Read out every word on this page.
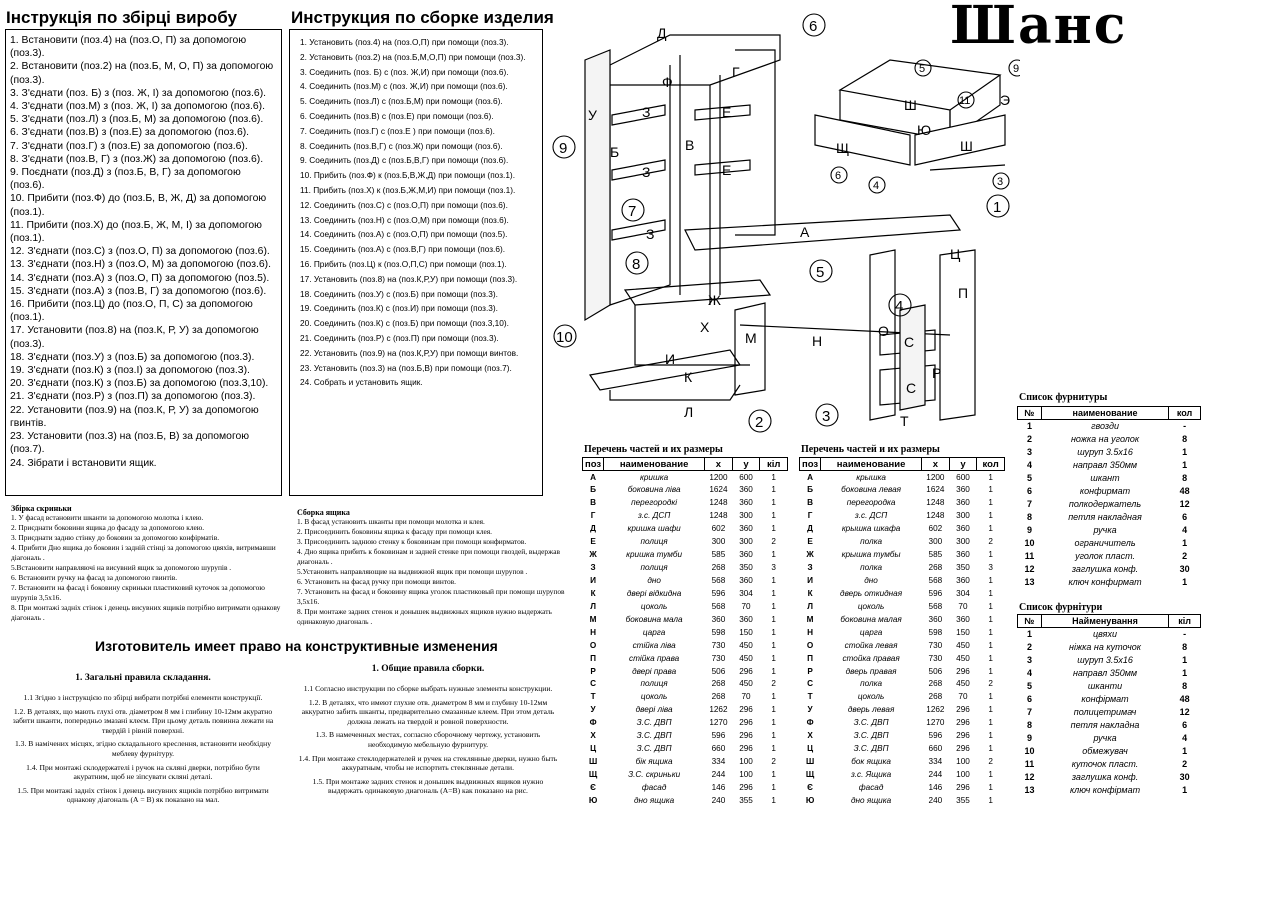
Інструкція по збірці виробу
1. Встановити (поз.4) на (поз.О, П) за допомогою (поз.3).
2. Встановити (поз.2) на (поз.Б, М, О, П) за допомогою (поз.3).
3. З'єднати (поз. Б) з (поз. Ж, І) за допомогою (поз.6).
4. З'єднати (поз.М) з (поз. Ж, І) за допомогою (поз.6).
5. З'єднати (поз.Л) з (поз.Б, М) за допомогою (поз.6).
6. З'єднати (поз.В) з (поз.Е) за допомогою (поз.6).
7. З'єднати (поз.Г) з (поз.Е) за допомогою (поз.6).
8. З'єднати (поз.В, Г) з (поз.Ж) за допомогою (поз.6).
9. Поєднати (поз.Д) з (поз.Б, В, Г) за допомогою (поз.6).
10. Прибити (поз.Ф) до (поз.Б, В, Ж, Д) за допомогою (поз.1).
11. Прибити (поз.Х) до (поз.Б, Ж, М, І) за допомогою (поз.1).
12. З'єднати (поз.С) з (поз.О, П) за допомогою (поз.6).
13. З'єднати (поз.Н) з (поз.О, М) за допомогою (поз.6).
14. З'єднати (поз.А) з (поз.О, П) за допомогою (поз.5).
15. З'єднати (поз.А) з (поз.В, Г) за допомогою (поз.6).
16. Прибити (поз.Ц) до (поз.О, П, С) за допомогою (поз.1).
17. Установити (поз.8) на (поз.К, Р, У) за допомогою (поз.3).
18. З'єднати (поз.У) з (поз.Б) за допомогою (поз.3).
19. З'єднати (поз.К) з (поз.І) за допомогою (поз.3).
20. З'єднати (поз.К) з (поз.Б) за допомогою (поз.3,10).
21. З'єднати (поз.Р) з (поз.П) за допомогою (поз.3).
22. Установити (поз.9) на (поз.К, Р, У) за допомогою гвинтів.
23. Установити (поз.3) на (поз.Б, В) за допомогою (поз.7).
24. Зібрати і встановити ящик.
Инструкция по сборке изделия
1. Установить (поз.4) на (поз.О,П) при помощи (поз.3).
2. Установить (поз.2) на (поз.Б,М,О,П) при помощи (поз.3).
3. Соединить (поз. Б) с (поз. Ж,И) при помощи (поз.6).
4. Соединить (поз.М) с (поз. Ж,И) при помощи (поз.6).
5. Соединить (поз.Л) с (поз.Б,М) при помощи (поз.6).
6. Соединить (поз.В) с (поз.Е) при помощи (поз.6).
7. Соединить (поз.Г) с (поз.Е ) при помощи (поз.6).
8. Соединить (поз.В,Г) с (поз.Ж) при помощи (поз.6).
9. Соединить (поз.Д) с (поз.Б,В,Г) при помощи (поз.6).
10. Прибить (поз.Ф) к (поз.Б,В,Ж,Д) при помощи (поз.1).
11. Прибить (поз.Х) к (поз.Б,Ж,М,И) при помощи (поз.1).
12. Соединить (поз.С) с (поз.О,П) при помощи (поз.6).
13. Соединить (поз.Н) с (поз.О,М) при помощи (поз.6).
14. Соединить (поз.А) с (поз.О,П) при помощи (поз.5).
15. Соединить (поз.А) с (поз.В,Г) при помощи (поз.6).
16. Прибить (поз.Ц) к (поз.О,П,С) при помощи (поз.1).
17. Установить (поз.8) на (поз.К,Р,У) при помощи (поз.3).
18. Соединить (поз.У) с (поз.Б) при помощи (поз.3).
19. Соединить (поз.К) с (поз.И) при помощи (поз.3).
20. Соединить (поз.К) с (поз.Б) при помощи (поз.3,10).
21. Соединить (поз.Р) с (поз.П) при помощи (поз.3).
22. Установить (поз.9) на (поз.К,Р,У) при помощи винтов.
23. Установить (поз.3) на (поз.Б,В) при помощи (поз.7).
24. Собрать и установить ящик.
Збірка скриньки
1. У фасад встановити шканти за допомогою молотка і клею.
2. Приєднати боковини ящика до фасаду за допомогою клею.
3. Приєднати задню стінку до боковин за допомогою конфірматів.
4. Прибити Дно ящика до боковин і задній стінці за допомогою цвяхів, витримавши діагональ .
5.Встановити направляючі на висувний ящик за допомогою шурупів .
6. Встановити ручку на фасад за допомогою гвинтів.
7. Встановити на фасад і боковину скриньки пластиковий куточок за допомогою шурупів 3,5х16.
8. При монтажі задніх стінок і денець висувних ящиків потрібно витримати однакову діагональ .
Сборка ящика
1. В фасад установить шканты при помощи молотка и клея.
2. Присоединить боковины ящика к фасаду при помощи клея.
3. Присоединить заднюю стенку к боковинам при помощи конфирматов.
4. Дно ящика прибить к боковинам и задней стенке при помощи гвоздей, выдержав диагональ .
5.Установить направляющие на выдвижной ящик при помощи шурупов .
6. Установить на фасад ручку при помощи винтов.
7. Установить на фасад и боковину ящика уголок пластиковый при помощи шурупов 3,5х16.
8. При монтаже задних стенок и донышек выдвижных ящиков нужно выдержать одинаковую диагональ .
Изготовитель имеет право на конструктивные изменения
1. Загальні правила складання.
1.1 Згідно з інструкцією по збірці вибрати потрібні елементи конструкції.
1.2. В деталях, що мають глухі отв. діаметром 8 мм і глибину 10-12мм акуратно забити шканти, попередньо змазані клеєм. При цьому деталь повинна лежати на твердій і рівній поверхні.
1.3. В намічених місцях, згідно складального креслення, встановити необхідну меблеву фурнітуру.
1.4. При монтажі склодержателі і ручок на скляні дверки, потрібно бути акуратним, щоб не зіпсувати скляні деталі.
1.5. При монтажі задніх стінок і денець висувних ящиків потрібно витримати однакову діагональ (А = В) як показано на мал.
1. Общие правила сборки.
1.1 Согласно инструкции по сборке выбрать нужные элементы конструкции.
1.2. В деталях, что имеют глухие отв. диаметром 8 мм и глубину 10-12мм аккуратно забить шканты, предварительно смазанные клеем. При этом деталь должна лежать на твердой и ровной поверхности.
1.3. В намеченных местах, согласно сборочному чертежу, установить необходимую мебельную фурнитуру.
1.4. При монтаже стеклодержателей и ручек на стеклянные дверки, нужно быть аккуратным, чтобы не испортить стеклянные детали.
1.5. При монтаже задних стенок и донышек выдвижных ящиков нужно выдержать одинаковую диагональ (А=В) как показано на рис.
Шанс
6
9
7
8
10
2	3
5
4
1
5	9
11
6
4	3
Д
Г
Ф
У	З	Е
Б	В
З	Е
З	А
Ц
П
Ж
Х
М	Н
О
С
Р
С
Т
И
К
Л
Ш	Э
Ю
Щ	Ш
Перечень частей и их размеры
поз	наименование	х	у	кіл
А	кришка	1200	600	1
Б	боковина ліва	1624	360	1
В	перегородкі	1248	360	1
Г	з.с. ДСП	1248	300	1
Д	кришка шафи	602	360	1
Е	полиця	300	300	2
Ж	кришка тумби	585	360	1
З	полиця	268	350	3
И	дно	568	360	1
К	двері відкидна	596	304	1
Л	цоколь	568	70	1
М	боковина мала	360	360	1
Н	царга	598	150	1
О	стійка ліва	730	450	1
П	стійка права	730	450	1
Р	двері права	506	296	1
С	полиця	268	450	2
Т	цоколь	268	70	1
У	двері ліва	1262	296	1
Ф	З.С. ДВП	1270	296	1
Х	З.С. ДВП	596	296	1
Ц	З.С. ДВП	660	296	1
Ш	бік ящика	334	100	2
Щ	З.С. скриньки	244	100	1
Є	фасад	146	296	1
Ю	дно ящика	240	355	1
Перечень частей и их размеры
поз	наименование	х	у	кол
А	крышка	1200	600	1
Б	боковина левая	1624	360	1
В	перегородка	1248	360	1
Г	з.с. ДСП	1248	300	1
Д	крышка шкафа	602	360	1
Е	полка	300	300	2
Ж	крышка тумбы	585	360	1
З	полка	268	350	3
И	дно	568	360	1
К	дверь откидная	596	304	1
Л	цоколь	568	70	1
М	боковина малая	360	360	1
Н	царга	598	150	1
О	стойка левая	730	450	1
П	стойка правая	730	450	1
Р	дверь правая	506	296	1
С	полка	268	450	2
Т	цоколь	268	70	1
У	дверь левая	1262	296	1
Ф	З.С. ДВП	1270	296	1
Х	З.С. ДВП	596	296	1
Ц	З.С. ДВП	660	296	1
Ш	бок ящика	334	100	2
Щ	з.с. Ящика	244	100	1
Є	фасад	146	296	1
Ю	дно ящика	240	355	1
Список фурнитуры
№	наименование	кол
1	гвозди	-
2	ножка на уголок	8
3	шуруп 3.5х16	1
4	направл 350мм	1
5	шкант	8
6	конфирмат	48
7	полкодержатель	12
8	петля накладная	6
9	ручка	4
10	ограничитель	1
11	уголок пласт.	2
12	заглушка конф.	30
13	ключ конфирмат	1
Список фурнітури
№	Найменування	кіл
1	цвяхи	-
2	ніжка на куточок	8
3	шуруп 3.5х16	1
4	направл 350мм	1
5	шканти	8
6	конфірмат	48
7	полицетримач	12
8	петля накладна	6
9	ручка	4
10	обмежувач	1
11	куточок пласт.	2
12	заглушка конф.	30
13	ключ конфірмат	1
